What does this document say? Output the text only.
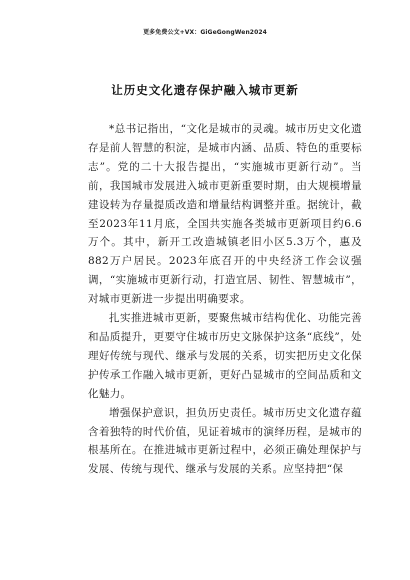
更多免费公文+VX：GiGeGongWen2024
让历史文化遗存保护融入城市更新

*总书记指出，“文化是城市的灵魂。城市历史文化遗存是前人智慧的积淀，是城市内涵、品质、特色的重要标志”。党的二十大报告提出，“实施城市更新行动”。当前，我国城市发展进入城市更新重要时期，由大规模增量建设转为存量提质改造和增量结构调整并重。据统计，截至2023年11月底，全国共实施各类城市更新项目约6.6万个。其中，新开工改造城镇老旧小区5.3万个，惠及882万户居民。2023年底召开的中央经济工作会议强调，“实施城市更新行动，打造宜居、韧性、智慧城市”，对城市更新进一步提出明确要求。

扎实推进城市更新，要聚焦城市结构优化、功能完善和品质提升，更要守住城市历史文脉保护这条“底线”，处理好传统与现代、继承与发展的关系，切实把历史文化保护传承工作融入城市更新，更好凸显城市的空间品质和文化魅力。

增强保护意识，担负历史责任。城市历史文化遗存蕴含着独特的时代价值，见证着城市的演绎历程，是城市的根基所在。在推进城市更新过程中，必须正确处理保护与发展、传统与现代、继承与发展的关系。应坚持把“保
